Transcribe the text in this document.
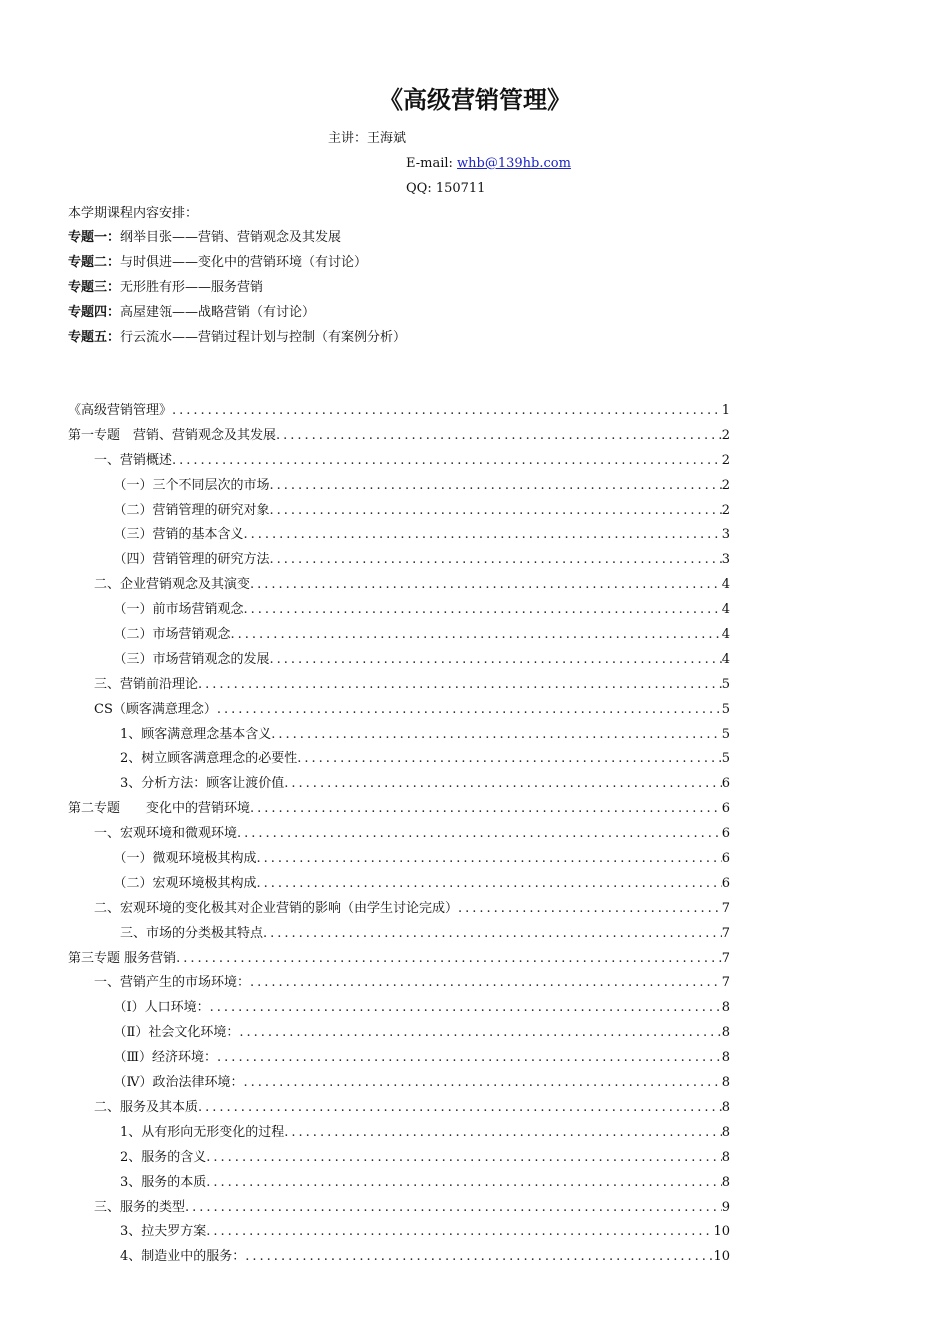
《高级营销管理》
主讲：王海斌
E-mail: whb@139hb.com
QQ: 150711
本学期课程内容安排：
专题一：纲举目张——营销、营销观念及其发展
专题二：与时俱进——变化中的营销环境（有讨论）
专题三：无形胜有形——服务营销
专题四：高屋建瓴——战略营销（有讨论）
专题五：行云流水——营销过程计划与控制（有案例分析）
《高级营销管理》 .....	1
第一专题　营销、营销观念及其发展 .....	2
　　一、营销概述 .....	2
　　　　（一）三个不同层次的市场 .....	2
　　　　（二）营销管理的研究对象 .....	2
　　　　（三）营销的基本含义 .....	3
　　　　（四）营销管理的研究方法 .....	3
　　二、企业营销观念及其演变 .....	4
　　　　（一）前市场营销观念 .....	4
　　　　（二）市场营销观念 .....	4
　　　　（三）市场营销观念的发展 .....	4
　　三、营销前沿理论 .....	5
　　CS（顾客满意理念） .....	5
　　　　1、顾客满意理念基本含义 .....	5
　　　　2、树立顾客满意理念的必要性 .....	5
　　　　3、分析方法：顾客让渡价值 .....	6
第二专题　　变化中的营销环境 .....	6
　　一、宏观环境和微观环境 .....	6
　　　　（一）微观环境极其构成 .....	6
　　　　（二）宏观环境极其构成 .....	6
　　二、宏观环境的变化极其对企业营销的影响（由学生讨论完成） .....	7
　　　　三、市场的分类极其特点 .....	7
第三专题 服务营销 .....	7
　　一、营销产生的市场环境： .....	7
　　　　（Ⅰ）人口环境： .....	8
　　　　（Ⅱ）社会文化环境： .....	8
　　　　（Ⅲ）经济环境： .....	8
　　　　（Ⅳ）政治法律环境： .....	8
　　二、服务及其本质 .....	8
　　　　1、从有形向无形变化的过程 .....	8
　　　　2、服务的含义 .....	8
　　　　3、服务的本质 .....	8
　　三、服务的类型 .....	9
　　　　3、拉夫罗方案 .....	10
　　　　4、制造业中的服务： .....	10
